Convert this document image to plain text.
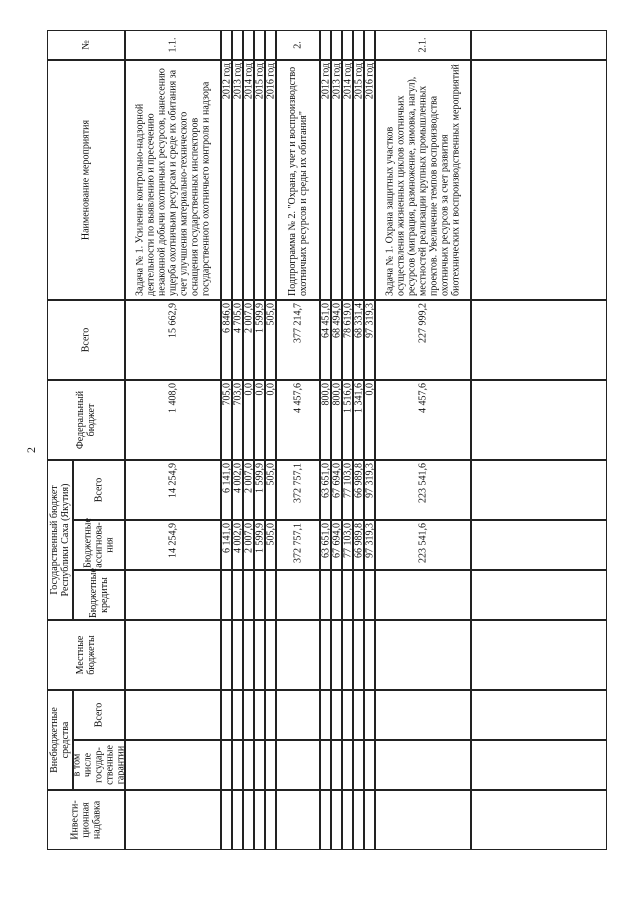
2
№
Наименование мероприятия
Всего
Федеральный бюджет
Государственный бюджет Республики Саха (Якутия) Всего
Бюджетные ассигнова-ния
Бюджетные кредиты
Местные бюджеты
Внебюджетные средства
Всего
в том числе государ-ственные гарантии
Инвести-ционная надбавка
1.1.
Задача № 1. Усиление контрольно-надзорной деятельности по выявлению и пресечению незаконной добычи охотничьих ресурсов, нанесению ущерба охотничьим ресурсам и среде их обитания за счет улучшения материально-технического оснащения государственных инспекторов государственного охотничьего контроля и надзора
15 662,9
1 408,0
14 254,9
14 254,9
2012 год
6 846,0
705,0
6 141,0
6 141,0
2013 год
4 705,0
703,0
4 002,0
4 002,0
2014 год
2 007,0
0,0
2 007,0
2 007,0
2015 год
1 599,9
0,0
1 599,9
1 599,9
2016 год
505,0
0,0
505,0
505,0
2.
Подпрограмма № 2. "Охрана, учет и воспроизводство охотничьих ресурсов и среды их обитания"
377 214,7
4 457,6
372 757,1
372 757,1
2012 год
64 451,0
800,0
63 651,0
63 651,0
2013 год
68 494,0
800,0
67 694,0
67 694,0
2014 год
78 619,0
1 516,0
77 103,0
77 103,0
2015 год
68 331,4
1 341,6
66 989,8
66 989,8
2016 год
97 319,3
0,0
97 319,3
97 319,3
2.1.
Задача № 1. Охрана защитных участков осуществления жизненных циклов охотничьих ресурсов (миграция, размножение, зимовка, нагул), местностей реализации крупных промышленных проектов. Увеличение темпов воспроизводства охотничьих ресурсов за счет развития биотехнических и воспроизводственных мероприятий
227 999,2
4 457,6
223 541,6
223 541,6
